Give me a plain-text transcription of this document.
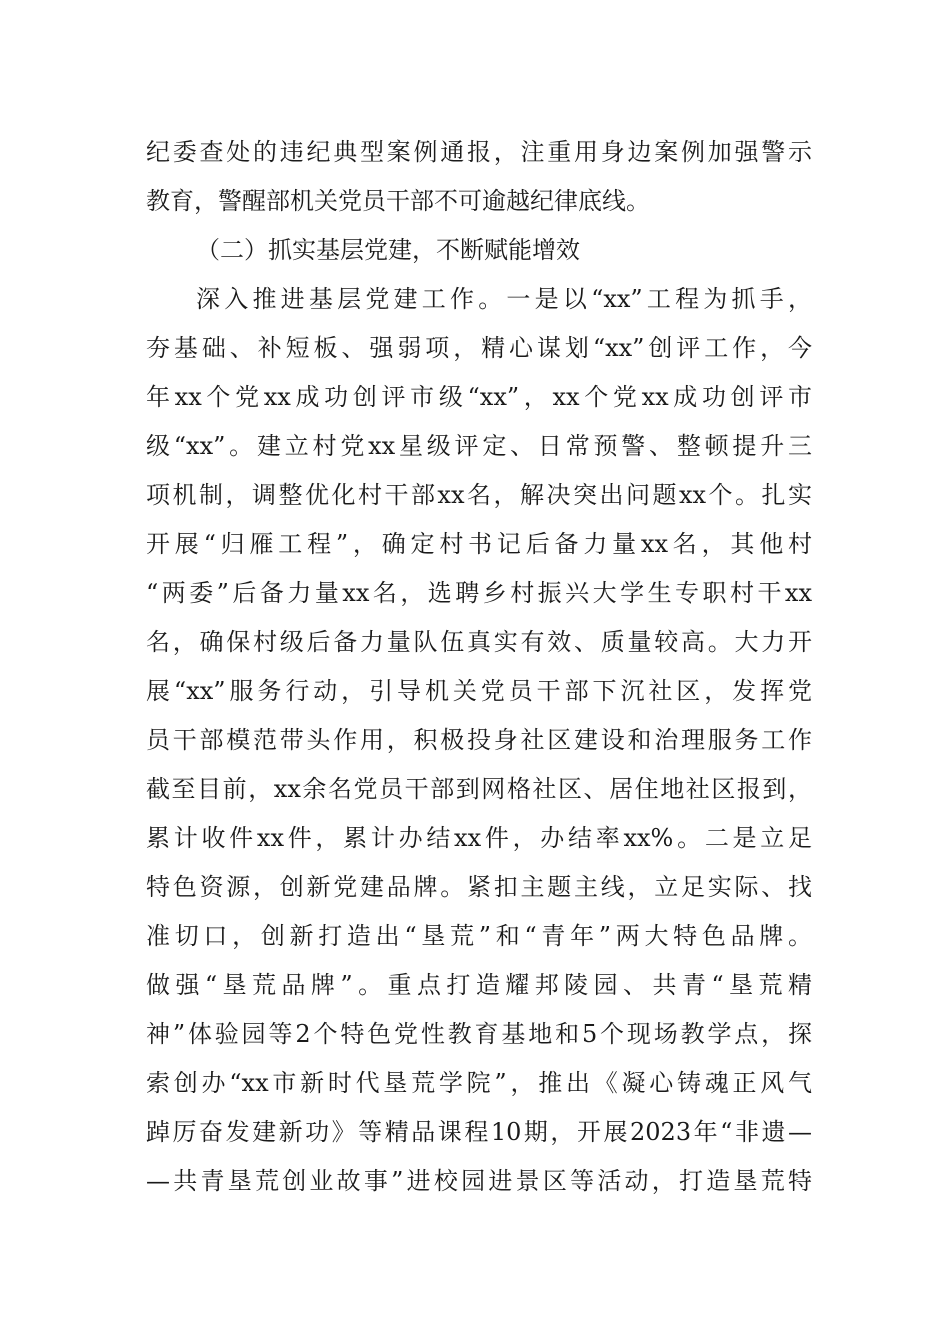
纪委查处的违纪典型案例通报，注重用身边案例加强警示
教育，警醒部机关党员干部不可逾越纪律底线。
（二）抓实基层党建，不断赋能增效
深入推进基层党建工作。一是以“xx”工程为抓手，
夯基础、补短板、强弱项，精心谋划“xx”创评工作，今
年xx个党xx成功创评市级“xx”，xx个党xx成功创评市
级“xx”。建立村党xx星级评定、日常预警、整顿提升三
项机制，调整优化村干部xx名，解决突出问题xx个。扎实
开展“归雁工程”，确定村书记后备力量xx名，其他村
“两委”后备力量xx名，选聘乡村振兴大学生专职村干xx
名，确保村级后备力量队伍真实有效、质量较高。大力开
展“xx”服务行动，引导机关党员干部下沉社区，发挥党
员干部模范带头作用，积极投身社区建设和治理服务工作
截至目前，xx余名党员干部到网格社区、居住地社区报到，
累计收件xx件，累计办结xx件，办结率xx%。二是立足
特色资源，创新党建品牌。紧扣主题主线，立足实际、找
准切口，创新打造出“垦荒”和“青年”两大特色品牌。
做强“垦荒品牌”。重点打造耀邦陵园、共青“垦荒精
神”体验园等2个特色党性教育基地和5个现场教学点，探
索创办“xx市新时代垦荒学院”，推出《凝心铸魂正风气
踔厉奋发建新功》等精品课程10期，开展2023年“非遗—
—共青垦荒创业故事”进校园进景区等活动，打造垦荒特
